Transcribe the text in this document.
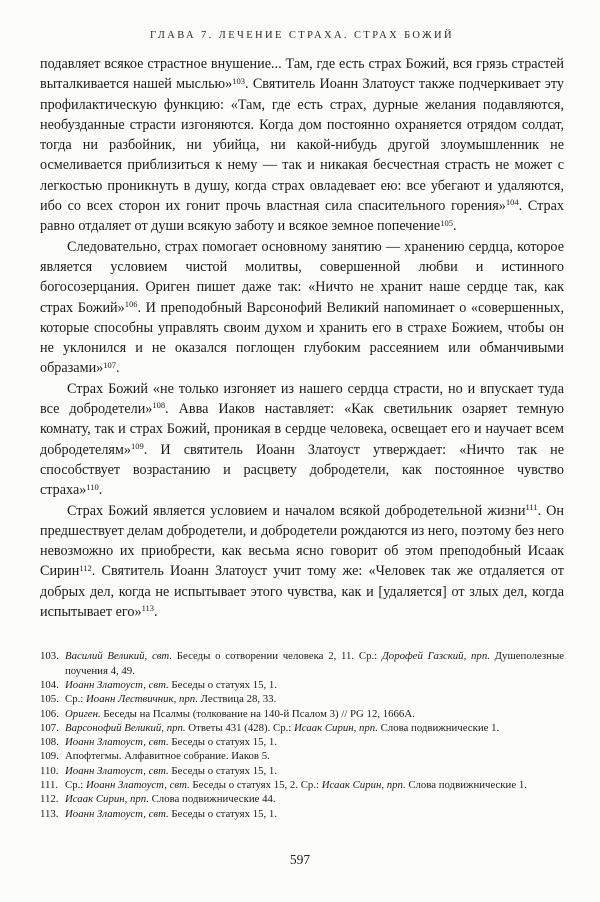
ГЛАВА 7. ЛЕЧЕНИЕ СТРАХА. СТРАХ БОЖИЙ

подавляет всякое страстное внушение... Там, где есть страх Божий, вся грязь страстей выталкивается нашей мыслью»$^{103}$. Святитель Иоанн Златоуст также подчеркивает эту профилактическую функцию: «Там, где есть страх, дурные желания подавляются, необузданные страсти изгоняются. Когда дом постоянно охраняется отрядом солдат, тогда ни разбойник, ни убийца, ни какой-нибудь другой злоумышленник не осмеливается приблизиться к нему — так и никакая бесчестная страсть не может с легкостью проникнуть в душу, когда страх овладевает ею: все убегают и удаляются, ибо со всех сторон их гонит прочь властная сила спасительного горения»$^{104}$. Страх равно отдаляет от души всякую заботу и всякое земное попечение$^{105}$.

Следовательно, страх помогает основному занятию — хранению сердца, которое является условием чистой молитвы, совершенной любви и истинного богосозерцания. Ориген пишет даже так: «Ничто не хранит наше сердце так, как страх Божий»$^{106}$. И преподобный Варсонофий Великий напоминает о «совершенных, которые способны управлять своим духом и хранить его в страхе Божием, чтобы он не уклонился и не оказался поглощен глубоким рассеянием или обманчивыми образами»$^{107}$.

Страх Божий «не только изгоняет из нашего сердца страсти, но и впускает туда все добродетели»$^{108}$. Авва Иаков наставляет: «Как светильник озаряет темную комнату, так и страх Божий, проникая в сердце человека, освещает его и научает всем добродетелям»$^{109}$. И святитель Иоанн Златоуст утверждает: «Ничто так не способствует возрастанию и расцвету добродетели, как постоянное чувство страха»$^{110}$.

Страх Божий является условием и началом всякой добродетельной жизни$^{111}$. Он предшествует делам добродетели, и добродетели рождаются из него, поэтому без него невозможно их приобрести, как весьма ясно говорит об этом преподобный Исаак Сирин$^{112}$. Святитель Иоанн Златоуст учит тому же: «Человек так же отдаляется от добрых дел, когда не испытывает этого чувства, как и [удаляется] от злых дел, когда испытывает его»$^{113}$.

103. Василий Великий, свт. Беседы о сотворении человека 2, 11. Ср.: Дорофей Газский, прп. Душеполезные поучения 4, 49.
104. Иоанн Златоуст, свт. Беседы о статуях 15, 1.
105. Ср.: Иоанн Лествичник, прп. Лествица 28, 33.
106. Ориген. Беседы на Псалмы (толкование на 140-й Псалом 3) // PG 12, 1666А.
107. Варсонофий Великий, прп. Ответы 431 (428). Ср.: Исаак Сирин, прп. Слова подвижнические 1.
108. Иоанн Златоуст, свт. Беседы о статуях 15, 1.
109. Апофтегмы. Алфавитное собрание. Иаков 5.
110. Иоанн Златоуст, свт. Беседы о статуях 15, 1.
111. Ср.: Иоанн Златоуст, свт. Беседы о статуях 15, 2. Ср.: Исаак Сирин, прп. Слова подвижнические 1.
112. Исаак Сирин, прп. Слова подвижнические 44.
113. Иоанн Златоуст, свт. Беседы о статуях 15, 1.
597
